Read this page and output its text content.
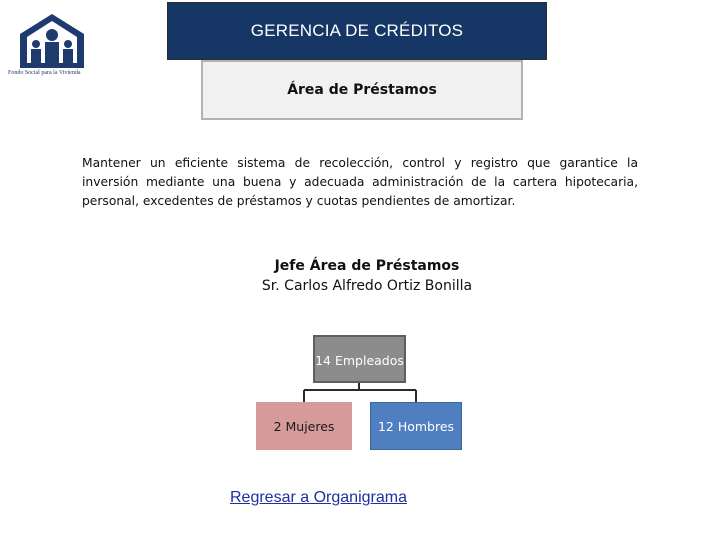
Fondo Social para la Vivienda
GERENCIA DE CRÉDITOS
Área de Préstamos

Mantener un eficiente sistema de recolección, control y registro que garantice la inversión mediante una buena y adecuada administración de la cartera hipotecaria, personal, excedentes de préstamos y cuotas pendientes de amortizar.

Jefe Área de Préstamos
Sr. Carlos Alfredo Ortiz Bonilla
14 Empleados
2 Mujeres	12 Hombres
Regresar a Organigrama
